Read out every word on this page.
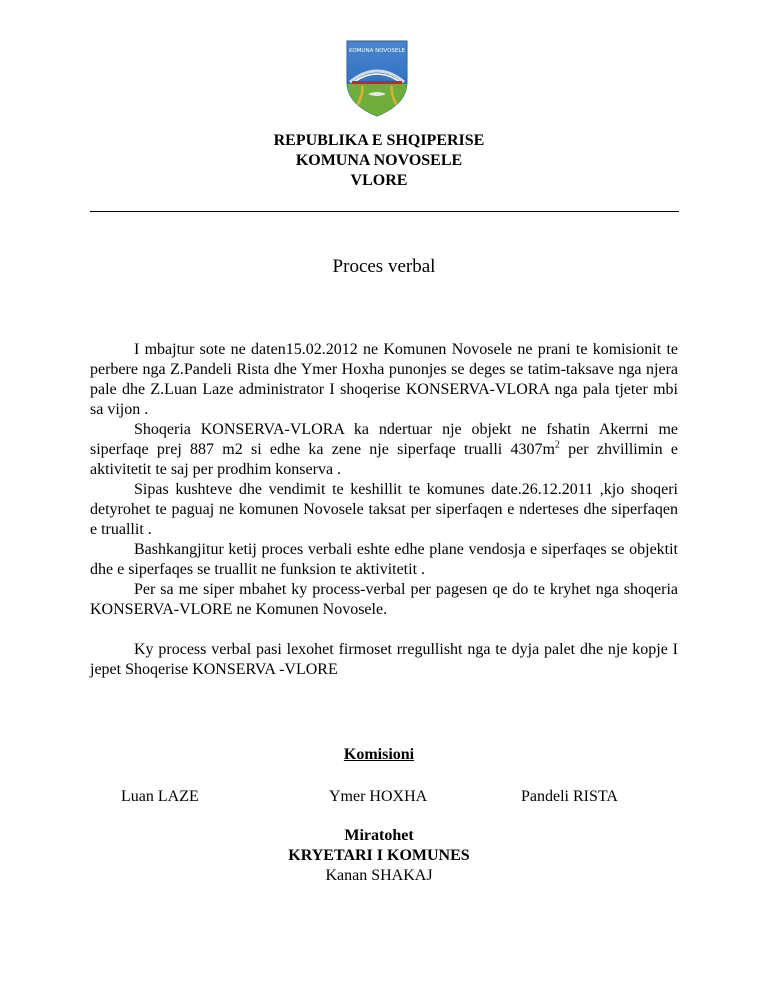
KOMUNA NOVOSELE
REPUBLIKA E SHQIPERISE
KOMUNA NOVOSELE
VLORE
Proces verbal

I mbajtur sote ne daten15.02.2012 ne Komunen Novosele ne prani te komisionit te perbere nga Z.Pandeli Rista dhe Ymer Hoxha punonjes se deges se tatim-taksave nga njera pale dhe Z.Luan Laze administrator I shoqerise KONSERVA-VLORA nga pala tjeter mbi sa vijon .

Shoqeria KONSERVA-VLORA ka ndertuar nje objekt ne fshatin Akerrni me siperfaqe prej 887 m2 si edhe ka zene nje siperfaqe trualli $4307m^2$ per zhvillimin e aktivitetit te saj per prodhim konserva .

Sipas kushteve dhe vendimit te keshillit te komunes date.26.12.2011 ,kjo shoqeri detyrohet te paguaj ne komunen Novosele taksat per siperfaqen e nderteses dhe siperfaqen e truallit .

Bashkangjitur ketij proces verbali eshte edhe plane vendosja e siperfaqes se objektit dhe e siperfaqes se truallit ne funksion te aktivitetit .

Per sa me siper mbahet ky process-verbal per pagesen qe do te kryhet nga shoqeria KONSERVA-VLORE ne Komunen Novosele.

Ky process verbal pasi lexohet firmoset rregullisht nga te dyja palet dhe nje kopje I jepet Shoqerise KONSERVA -VLORE

Komisioni
Luan LAZE	Ymer HOXHA	Pandeli RISTA
Miratohet
KRYETARI I KOMUNES
Kanan SHAKAJ
